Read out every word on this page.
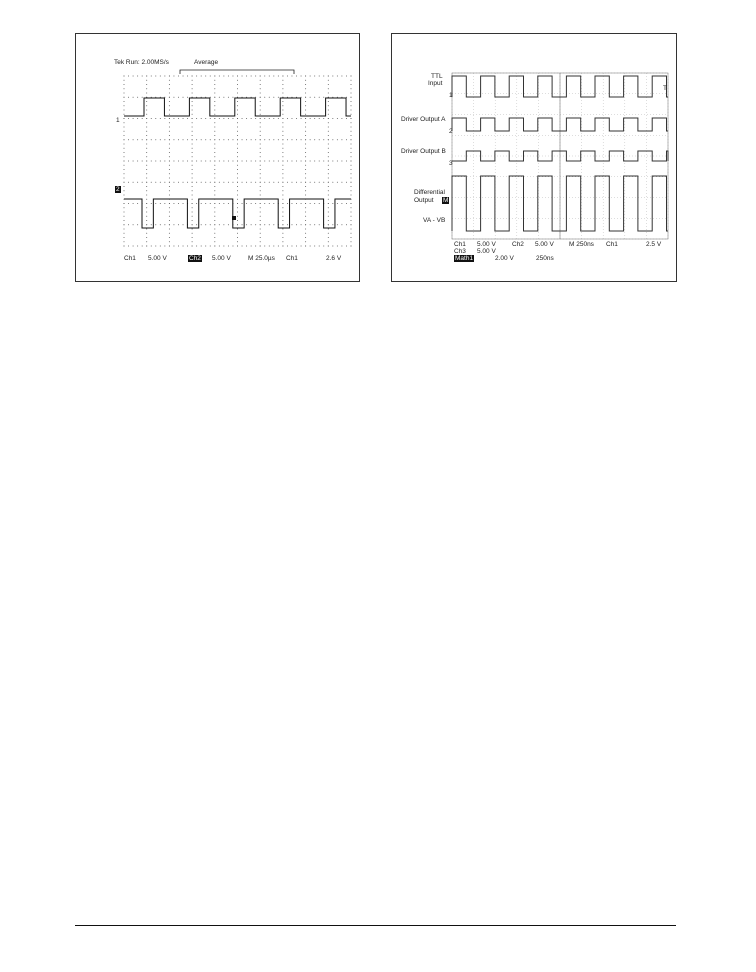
Tek Run: 2.00MS/s	Average
1
2
Ch1 5.00 V	Ch2 5.00 V	M 25.0µs Ch1	2.6 V
TTL
Input
Driver Output A
Driver Output B
Differential
Output M
VA - VB
1
2
3
T
Ch1 5.00 V Ch2 5.00 V M 250ns Ch1	2.5 V
Ch3 5.00 V
Math1	2.00 V	250ns
